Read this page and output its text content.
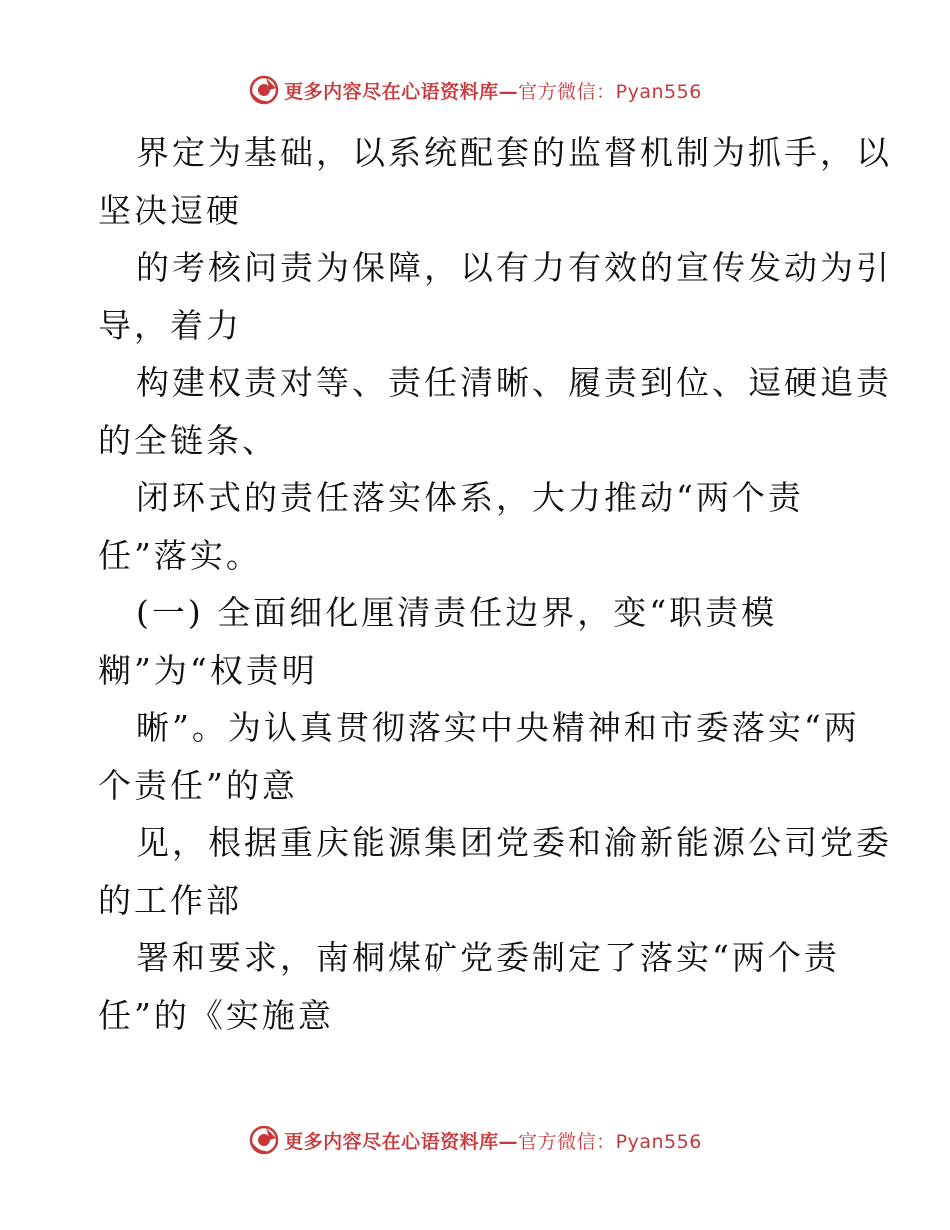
更多内容尽在心语资料库—官方微信：Pyan556
界定为基础，以系统配套的监督机制为抓手，以
坚决逗硬
的考核问责为保障，以有力有效的宣传发动为引
导，着力
构建权责对等、责任清晰、履责到位、逗硬追责
的全链条、
闭环式的责任落实体系，大力推动“两个责
任”落实。
(一) 全面细化厘清责任边界，变“职责模
糊”为“权责明
晰”。为认真贯彻落实中央精神和市委落实“两
个责任”的意
见，根据重庆能源集团党委和渝新能源公司党委
的工作部
署和要求，南桐煤矿党委制定了落实“两个责
任”的《实施意
更多内容尽在心语资料库—官方微信：Pyan556
